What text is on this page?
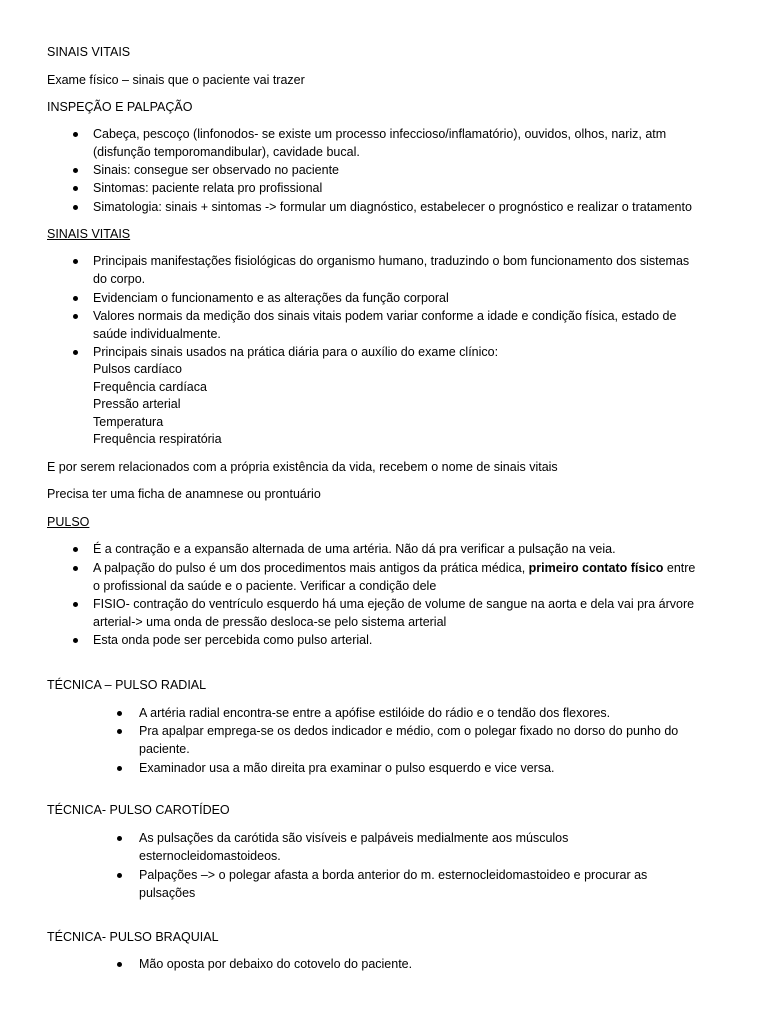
SINAIS VITAIS
Exame físico – sinais que o paciente vai trazer
INSPEÇÃO E PALPAÇÃO
Cabeça, pescoço (linfonodos- se existe um processo infeccioso/inflamatório), ouvidos, olhos, nariz, atm
(disfunção temporomandibular), cavidade bucal.
Sinais: consegue ser observado no paciente
Sintomas: paciente relata pro profissional
Simatologia: sinais + sintomas -> formular um diagnóstico, estabelecer o prognóstico e realizar o tratamento
SINAIS VITAIS
Principais manifestações fisiológicas do organismo humano, traduzindo o bom funcionamento dos sistemas
do corpo.
Evidenciam o funcionamento e as alterações da função corporal
Valores normais da medição dos sinais vitais podem variar conforme a idade e condição física, estado de
saúde individualmente.
Principais sinais usados na prática diária para o auxílio do exame clínico:
Pulsos cardíaco
Frequência cardíaca
Pressão arterial
Temperatura
Frequência respiratória
E por serem relacionados com a própria existência da vida, recebem o nome de sinais vitais
Precisa ter uma ficha de anamnese ou prontuário
PULSO
É a contração e a expansão alternada de uma artéria. Não dá pra verificar a pulsação na veia.
A palpação do pulso é um dos procedimentos mais antigos da prática médica, primeiro contato físico entre
o profissional da saúde e o paciente. Verificar a condição dele
FISIO- contração do ventrículo esquerdo há uma ejeção de volume de sangue na aorta e dela vai pra árvore
arterial-> uma onda de pressão desloca-se pelo sistema arterial
Esta onda pode ser percebida como pulso arterial.
TÉCNICA – PULSO RADIAL
A artéria radial encontra-se entre a apófise estilóide do rádio e o tendão dos flexores.
Pra apalpar emprega-se os dedos indicador e médio, com o polegar fixado no dorso do punho do
paciente.
Examinador usa a mão direita pra examinar o pulso esquerdo e vice versa.
TÉCNICA- PULSO CAROTÍDEO
As pulsações da carótida são visíveis e palpáveis medialmente aos músculos
esternocleidomastoideos.
Palpações –> o polegar afasta a borda anterior do m. esternocleidomastoideo e procurar as
pulsações
TÉCNICA- PULSO BRAQUIAL
Mão oposta por debaixo do cotovelo do paciente.
